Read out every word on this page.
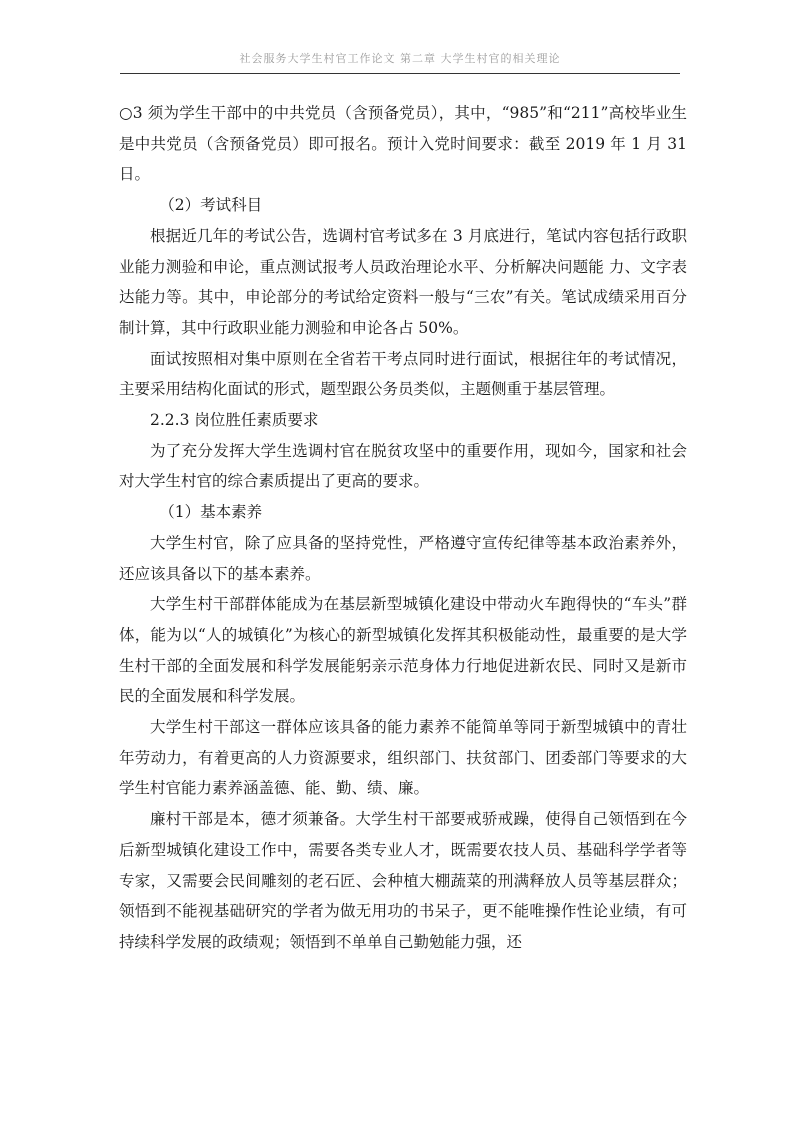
社会服务大学生村官工作论文 第二章 大学生村官的相关理论

○3 须为学生干部中的中共党员（含预备党员），其中，“985”和“211”高校毕业生是中共党员（含预备党员）即可报名。预计入党时间要求：截至 2019 年 1 月 31 日。

（2）考试科目

根据近几年的考试公告，选调村官考试多在 3 月底进行，笔试内容包括行政职业能力测验和申论，重点测试报考人员政治理论水平、分析解决问题能 力、文字表达能力等。其中，申论部分的考试给定资料一般与“三农”有关。笔试成绩采用百分制计算，其中行政职业能力测验和申论各占 50%。

面试按照相对集中原则在全省若干考点同时进行面试，根据往年的考试情况，主要采用结构化面试的形式，题型跟公务员类似，主题侧重于基层管理。

2.2.3 岗位胜任素质要求

为了充分发挥大学生选调村官在脱贫攻坚中的重要作用，现如今，国家和社会对大学生村官的综合素质提出了更高的要求。

（1）基本素养

大学生村官，除了应具备的坚持党性，严格遵守宣传纪律等基本政治素养外，还应该具备以下的基本素养。

大学生村干部群体能成为在基层新型城镇化建设中带动火车跑得快的“车头”群体，能为以“人的城镇化”为核心的新型城镇化发挥其积极能动性，最重要的是大学生村干部的全面发展和科学发展能躬亲示范身体力行地促进新农民、同时又是新市民的全面发展和科学发展。

大学生村干部这一群体应该具备的能力素养不能简单等同于新型城镇中的青壮年劳动力，有着更高的人力资源要求，组织部门、扶贫部门、团委部门等要求的大学生村官能力素养涵盖德、能、勤、绩、廉。

廉村干部是本，德才须兼备。大学生村干部要戒骄戒躁，使得自己领悟到在今后新型城镇化建设工作中，需要各类专业人才，既需要农技人员、基础科学学者等专家，又需要会民间雕刻的老石匠、会种植大棚蔬菜的刑满释放人员等基层群众；领悟到不能视基础研究的学者为做无用功的书呆子，更不能唯操作性论业绩，有可持续科学发展的政绩观；领悟到不单单自己勤勉能力强，还
